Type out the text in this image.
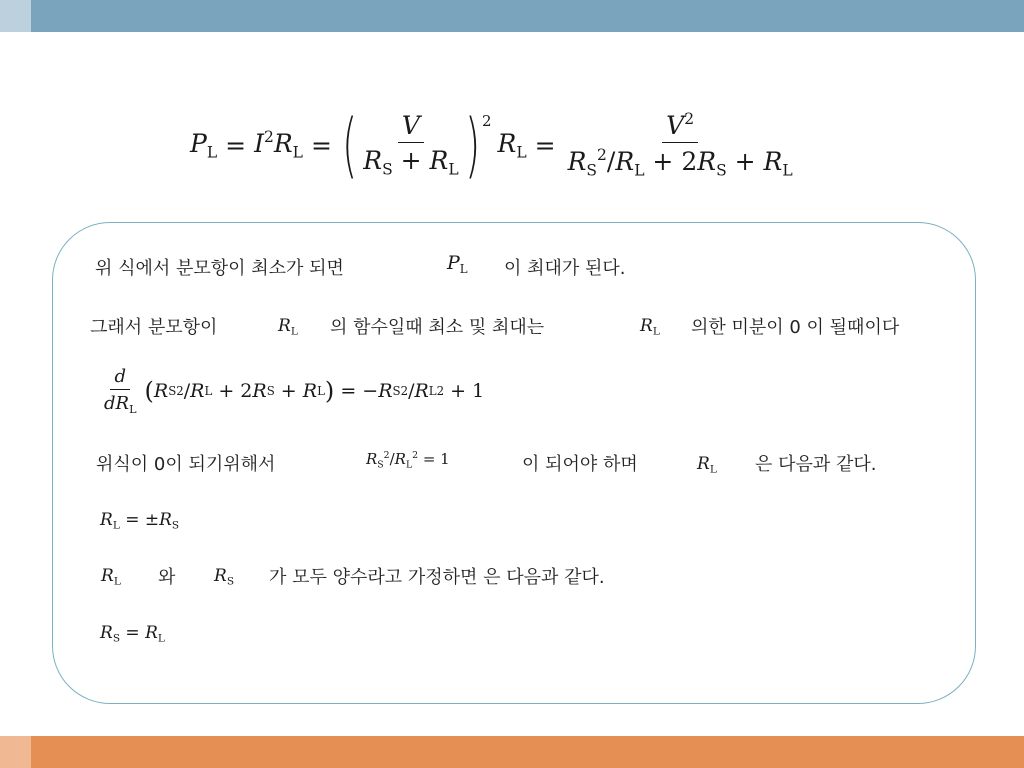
$P_L = I^2R_L$ = ( $\frac{V}{R_S + R_L}$ ) 2
$R_L = \frac{V^2}{R_S^2/R_L + 2R_S + R_L}$
위 식에서 분모항이 최소가 되면	$P_L$ 이 최대가 된다.
그래서 분모항이	$R_L$ 의 함수일때 최소 및 최대는	$R_L$ 의한 미분이 0 이 될때이다
$\frac{d}{dR_L}$ ( R S 2 / R L + 2 R S + R L ) = − R S 2 / R L 2 + 1
위식이 0이 되기위해서	$R_S^2/R_L^2 = 1$	이 되어야 하며	$R_L$ 은 다음과 같다.
$R_L = \pm R_S$
$R_L$ 와 $R_S$ 가 모두 양수라고 가정하면 은 다음과 같다.
$R_S = R_L$
